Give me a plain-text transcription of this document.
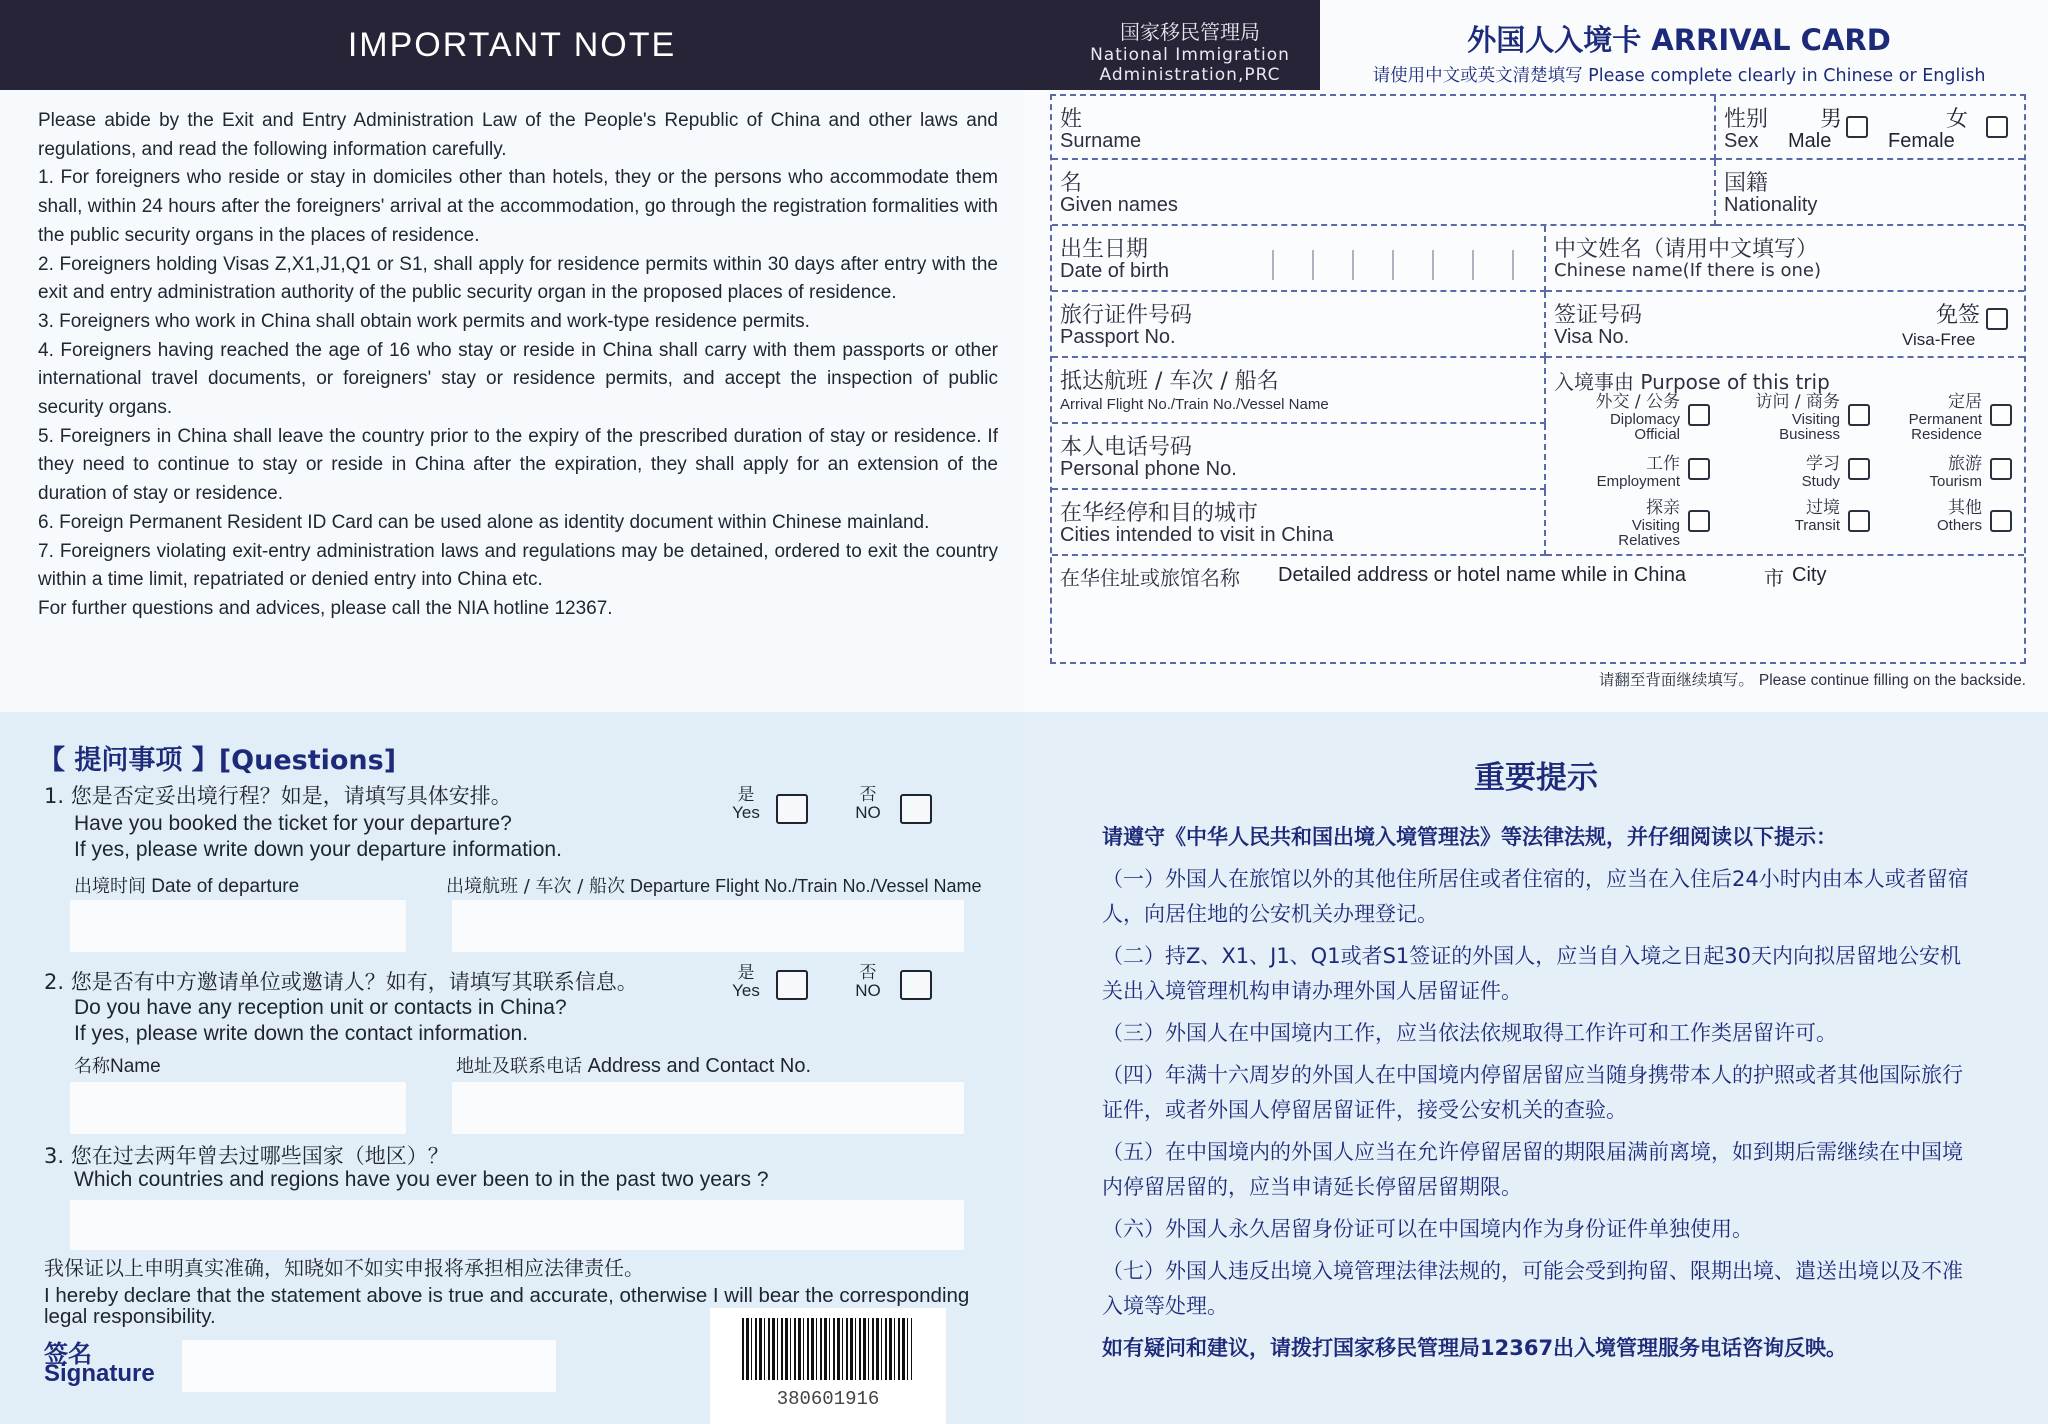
IMPORTANT NOTE	国家移民管理局
National Immigration
Administration,PRC

Please abide by the Exit and Entry Administration Law of the People's Republic of China and other laws and regulations, and read the following information carefully.

1. For foreigners who reside or stay in domiciles other than hotels, they or the persons who accommodate them shall, within 24 hours after the foreigners' arrival at the accommodation, go through the registration formalities with the public security organs in the places of residence.

2. Foreigners holding Visas Z,X1,J1,Q1 or S1, shall apply for residence permits within 30 days after entry with the exit and entry administration authority of the public security organ in the proposed places of residence.

3. Foreigners who work in China shall obtain work permits and work-type residence permits.

4. Foreigners having reached the age of 16 who stay or reside in China shall carry with them passports or other international travel documents, or foreigners' stay or residence permits, and accept the inspection of public security organs.

5. Foreigners in China shall leave the country prior to the expiry of the prescribed duration of stay or residence. If they need to continue to stay or reside in China after the expiration, they shall apply for an extension of the duration of stay or residence.

6. Foreign Permanent Resident ID Card can be used alone as identity document within Chinese mainland.

7. Foreigners violating exit-entry administration laws and regulations may be detained, ordered to exit the country within a time limit, repatriated or denied entry into China etc.

For further questions and advices, please call the NIA hotline 12367.

外国人入境卡 ARRIVAL CARD
请使用中文或英文清楚填写 Please complete clearly in Chinese or English
姓
Surname
性别
Sex
男
Male
女
Female
名
Given names
国籍
Nationality
出生日期
Date of birth
中文姓名（请用中文填写）
Chinese name(If there is one)
旅行证件号码
Passport No.
签证号码
Visa No.
免签
Visa-Free
抵达航班 / 车次 / 船名
Arrival Flight No./Train No./Vessel Name
本人电话号码
Personal phone No.
在华经停和目的城市
Cities intended to visit in China
入境事由 Purpose of this trip
外交 / 公务
Diplomacy
Official
访问 / 商务
Visiting
Business
定居
Permanent
Residence
工作
Employment
学习
Study
旅游
Tourism
探亲
Visiting
Relatives
过境
Transit
其他
Others
在华住址或旅馆名称 Detailed address or hotel name while in China	市 City
请翻至背面继续填写。 Please continue filling on the backside.
【 提问事项 】[Questions]
1. 您是否定妥出境行程？如是，请填写具体安排。
Have you booked the ticket for your departure?
If yes, please write down your departure information.
是
Yes
否
NO
出境时间 Date of departure	出境航班 / 车次 / 船次 Departure Flight No./Train No./Vessel Name
2. 您是否有中方邀请单位或邀请人？如有，请填写其联系信息。
Do you have any reception unit or contacts in China?
If yes, please write down the contact information.
是
Yes
否
NO
名称Name	地址及联系电话 Address and Contact No.
3. 您在过去两年曾去过哪些国家（地区）？
Which countries and regions have you ever been to in the past two years ?
我保证以上申明真实准确，知晓如不如实申报将承担相应法律责任。
I hereby declare that the statement above is true and accurate, otherwise I will bear the corresponding legal responsibility.
签名
Signature
380601916
重要提示

请遵守《中华人民共和国出境入境管理法》等法律法规，并仔细阅读以下提示：

（一）外国人在旅馆以外的其他住所居住或者住宿的，应当在入住后24小时内由本人或者留宿人，向居住地的公安机关办理登记。

（二）持Z、X1、J1、Q1或者S1签证的外国人，应当自入境之日起30天内向拟居留地公安机关出入境管理机构申请办理外国人居留证件。

（三）外国人在中国境内工作，应当依法依规取得工作许可和工作类居留许可。

（四）年满十六周岁的外国人在中国境内停留居留应当随身携带本人的护照或者其他国际旅行证件，或者外国人停留居留证件，接受公安机关的查验。

（五）在中国境内的外国人应当在允许停留居留的期限届满前离境，如到期后需继续在中国境内停留居留的，应当申请延长停留居留期限。

（六）外国人永久居留身份证可以在中国境内作为身份证件单独使用。

（七）外国人违反出境入境管理法律法规的，可能会受到拘留、限期出境、遣送出境以及不准入境等处理。

如有疑问和建议，请拨打国家移民管理局12367出入境管理服务电话咨询反映。
